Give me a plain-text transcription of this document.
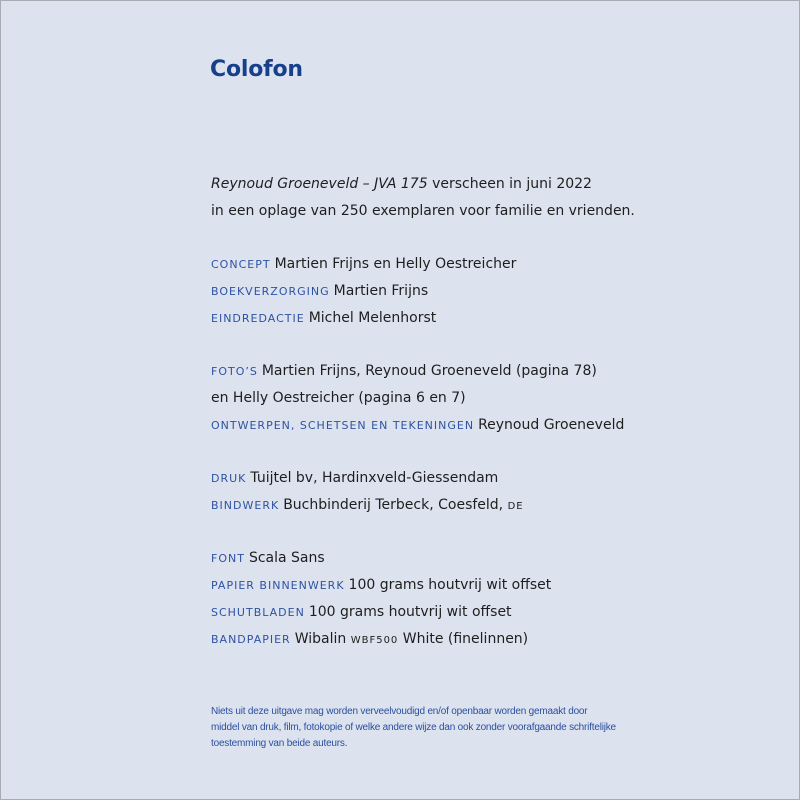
Colofon
Reynoud Groeneveld – JVA 175 verscheen in juni 2022
in een oplage van 250 exemplaren voor familie en vrienden.
CONCEPT Martien Frijns en Helly Oestreicher
BOEKVERZORGING Martien Frijns
EINDREDACTIE Michel Melenhorst
FOTO’S Martien Frijns, Reynoud Groeneveld (pagina 78)
en Helly Oestreicher (pagina 6 en 7)
ONTWERPEN, SCHETSEN EN TEKENINGEN Reynoud Groeneveld
DRUK Tuijtel bv, Hardinxveld-Giessendam
BINDWERK Buchbinderij Terbeck, Coesfeld, DE
FONT Scala Sans
PAPIER BINNENWERK 100 grams houtvrij wit offset
SCHUTBLADEN 100 grams houtvrij wit offset
BANDPAPIER Wibalin WBF500 White (finelinnen)
Niets uit deze uitgave mag worden verveelvoudigd en/of openbaar worden gemaakt door
middel van druk, film, fotokopie of welke andere wijze dan ook zonder voorafgaande schriftelijke
toestemming van beide auteurs.
